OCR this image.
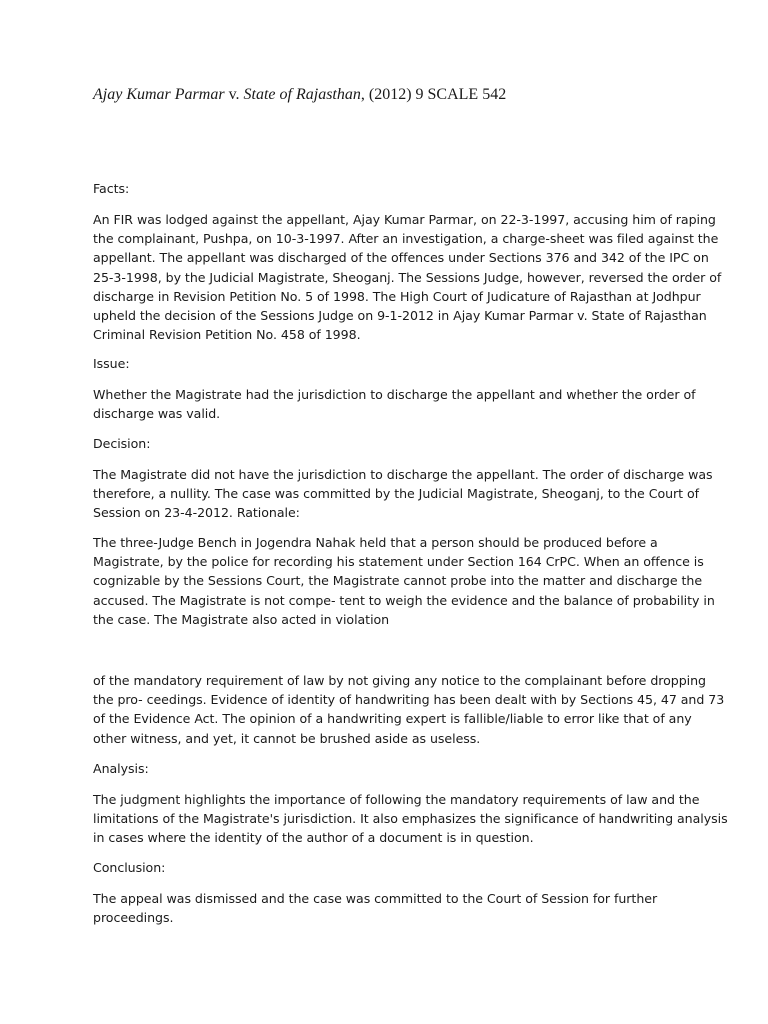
Ajay Kumar Parmar v. State of Rajasthan, (2012) 9 SCALE 542
Facts:
An FIR was lodged against the appellant, Ajay Kumar Parmar, on 22-3-1997, accusing him of raping
the complainant, Pushpa, on 10-3-1997. After an investigation, a charge-sheet was filed against the
appellant. The appellant was discharged of the offences under Sections 376 and 342 of the IPC on
25-3-1998, by the Judicial Magistrate, Sheoganj. The Sessions Judge, however, reversed the order of
discharge in Revision Petition No. 5 of 1998. The High Court of Judicature of Rajasthan at Jodhpur
upheld the decision of the Sessions Judge on 9-1-2012 in Ajay Kumar Parmar v. State of Rajasthan
Criminal Revision Petition No. 458 of 1998.
Issue:
Whether the Magistrate had the jurisdiction to discharge the appellant and whether the order of
discharge was valid.
Decision:
The Magistrate did not have the jurisdiction to discharge the appellant. The order of discharge was
therefore, a nullity. The case was committed by the Judicial Magistrate, Sheoganj, to the Court of
Session on 23-4-2012. Rationale:
The three-Judge Bench in Jogendra Nahak held that a person should be produced before a
Magistrate, by the police for recording his statement under Section 164 CrPC. When an offence is
cognizable by the Sessions Court, the Magistrate cannot probe into the matter and discharge the
accused. The Magistrate is not compe- tent to weigh the evidence and the balance of probability in
the case. The Magistrate also acted in violation
of the mandatory requirement of law by not giving any notice to the complainant before dropping
the pro- ceedings. Evidence of identity of handwriting has been dealt with by Sections 45, 47 and 73
of the Evidence Act. The opinion of a handwriting expert is fallible/liable to error like that of any
other witness, and yet, it cannot be brushed aside as useless.
Analysis:
The judgment highlights the importance of following the mandatory requirements of law and the
limitations of the Magistrate's jurisdiction. It also emphasizes the significance of handwriting analysis
in cases where the identity of the author of a document is in question.
Conclusion:
The appeal was dismissed and the case was committed to the Court of Session for further
proceedings.
